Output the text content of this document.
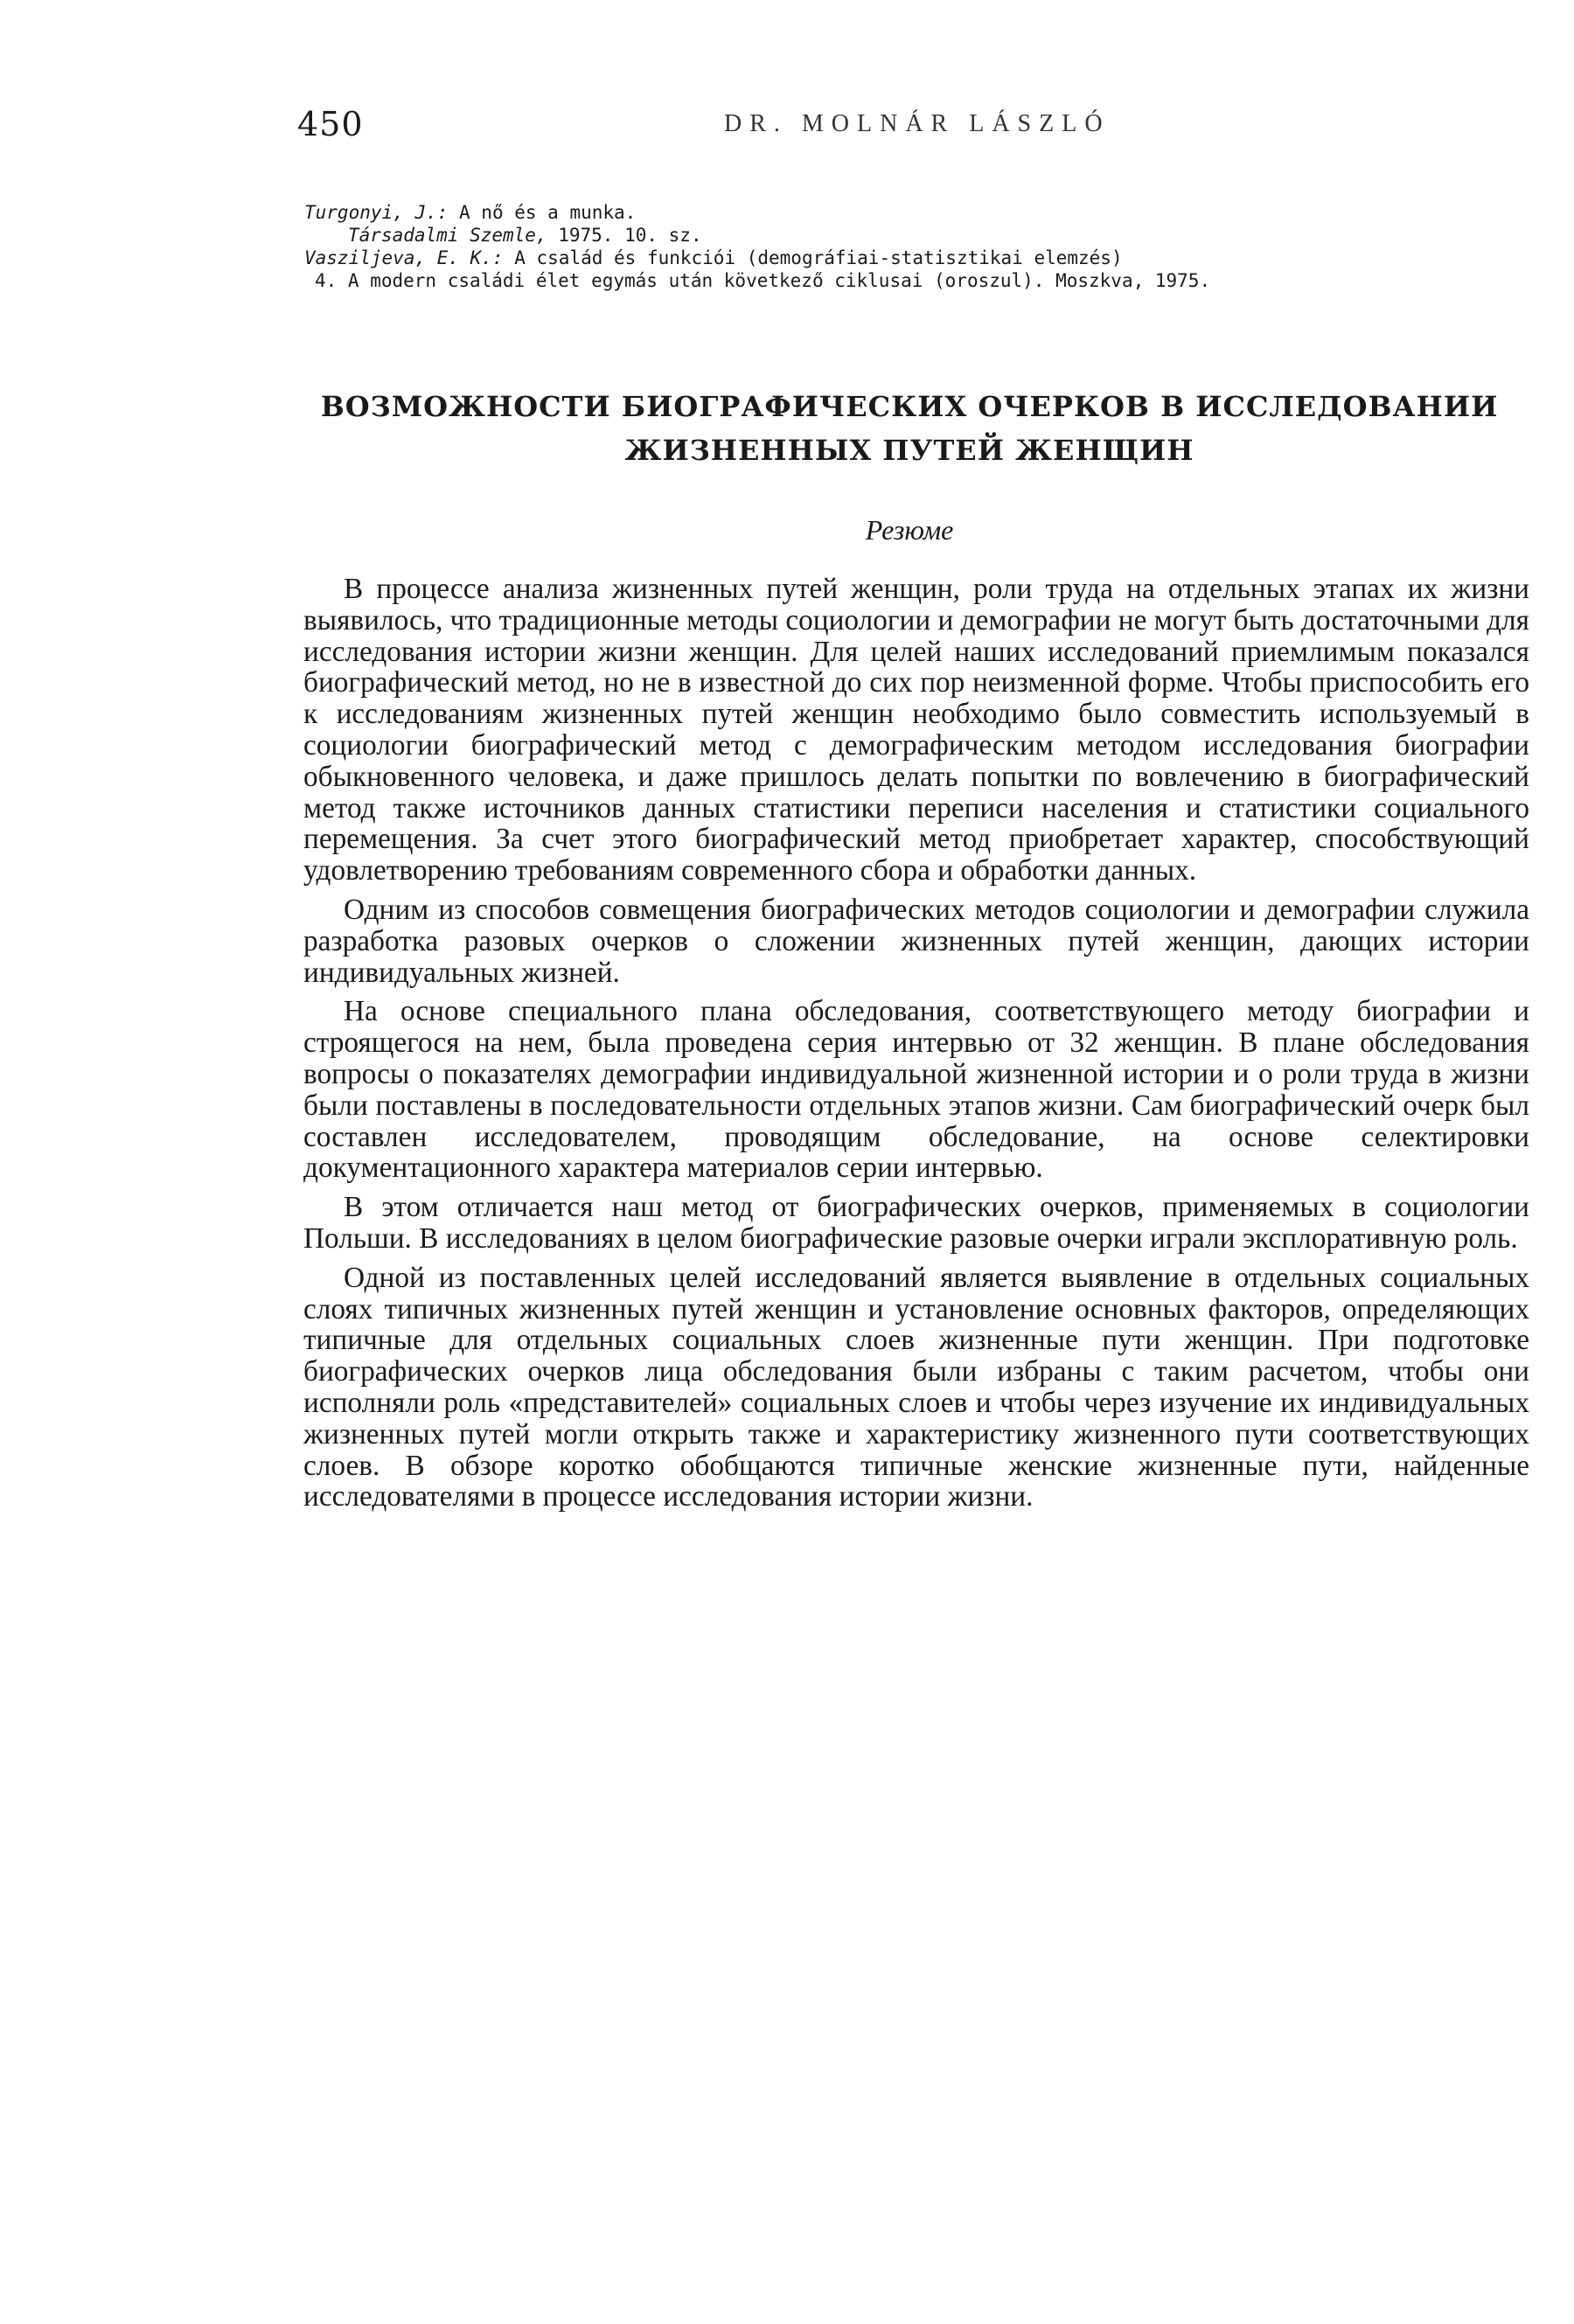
450	DR. MOLNÁR LÁSZLÓ
Turgonyi, J.: A nő és a munka.
Társadalmi Szemle, 1975. 10. sz.
Vasziljeva, E. K.: A család és funkciói (demográfiai-statisztikai elemzés)
4. A modern családi élet egymás után következő ciklusai (oroszul). Moszkva, 1975.
ВОЗМОЖНОСТИ БИОГРАФИЧЕСКИХ ОЧЕРКОВ В ИССЛЕДОВАНИИ
ЖИЗНЕННЫХ ПУТЕЙ ЖЕНЩИН
Резюме

В процессе анализа жизненных путей женщин, роли труда на отдельных этапах их жизни выявилось, что традиционные методы социологии и демографии не могут быть достаточными для исследования истории жизни женщин. Для целей наших исследований приемлимым показался биографический метод, но не в известной до сих пор неизменной форме. Чтобы приспособить его к исследованиям жизненных путей женщин необходимо было совместить используемый в социологии биографический метод с демографическим методом исследования биографии обыкновенного человека, и даже пришлось делать попытки по вовлечению в биографический метод также источников данных статистики переписи населения и статистики социального перемещения. За счет этого биографический метод приобретает характер, способствующий удовлетворению требованиям современного сбора и обработки данных.

Одним из способов совмещения биографических методов социологии и демографии служила разработка разовых очерков о сложении жизненных путей женщин, дающих истории индивидуальных жизней.

На основе специального плана обследования, соответствующего методу биографии и строящегося на нем, была проведена серия интервью от 32 женщин. В плане обследования вопросы о показателях демографии индивидуальной жизненной истории и о роли труда в жизни были поставлены в последовательности отдельных этапов жизни. Сам биографический очерк был составлен исследователем, проводящим обследование, на основе селектировки документационного характера материалов серии интервью.

В этом отличается наш метод от биографических очерков, применяемых в социологии Польши. В исследованиях в целом биографические разовые очерки играли эксплоративную роль.

Одной из поставленных целей исследований является выявление в отдельных социальных слоях типичных жизненных путей женщин и установление основных факторов, определяющих типичные для отдельных социальных слоев жизненные пути женщин. При подготовке биографических очерков лица обследования были избраны с таким расчетом, чтобы они исполняли роль «представителей» социальных слоев и чтобы через изучение их индивидуальных жизненных путей могли открыть также и характеристику жизненного пути соответствующих слоев. В обзоре коротко обобщаются типичные женские жизненные пути, найденные исследователями в процессе исследования истории жизни.
